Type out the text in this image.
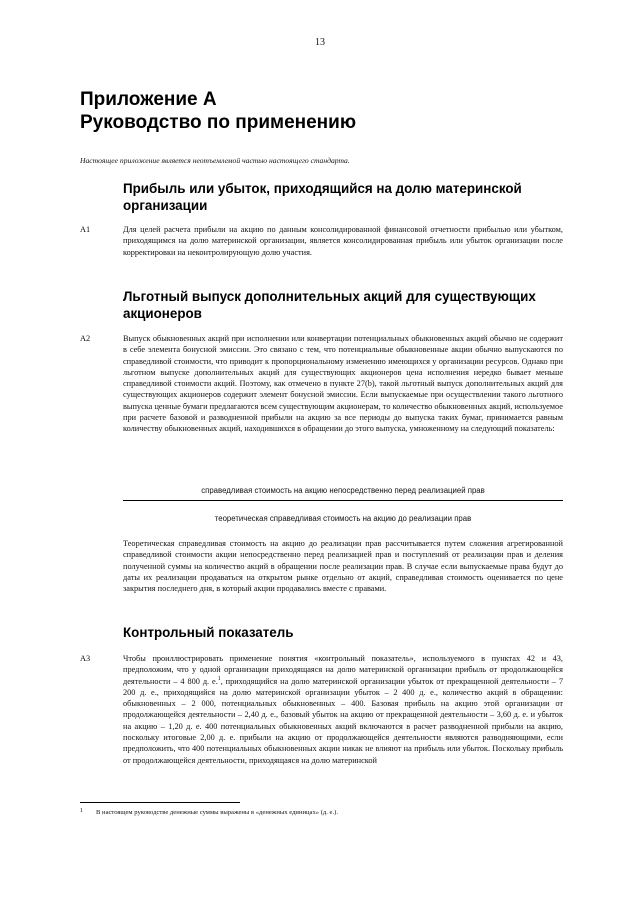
13
Приложение А
Руководство по применению
Настоящее приложение является неотъемлемой частью настоящего стандарта.
Прибыль или убыток, приходящийся на долю материнской организации
A1	Для целей расчета прибыли на акцию по данным консолидированной финансовой отчетности прибылью или убытком, приходящимся на долю материнской организации, является консолидированная прибыль или убыток организации после корректировки на неконтролирующую долю участия.
Льготный выпуск дополнительных акций для существующих акционеров
A2	Выпуск обыкновенных акций при исполнении или конвертации потенциальных обыкновенных акций обычно не содержит в себе элемента бонусной эмиссии. Это связано с тем, что потенциальные обыкновенные акции обычно выпускаются по справедливой стоимости, что приводит к пропорциональному изменению имеющихся у организации ресурсов. Однако при льготном выпуске дополнительных акций для существующих акционеров цена исполнения нередко бывает меньше справедливой стоимости акций. Поэтому, как отмечено в пункте 27(b), такой льготный выпуск дополнительных акций для существующих акционеров содержит элемент бонусной эмиссии. Если выпускаемые при осуществлении такого льготного выпуска ценные бумаги предлагаются всем существующим акционерам, то количество обыкновенных акций, используемое при расчете базовой и разводненной прибыли на акцию за все периоды до выпуска таких бумаг, принимается равным количеству обыкновенных акций, находившихся в обращении до этого выпуска, умноженному на следующий показатель:
справедливая стоимость на акцию непосредственно перед реализацией прав
теоретическая справедливая стоимость на акцию до реализации прав
Теоретическая справедливая стоимость на акцию до реализации прав рассчитывается путем сложения агрегированной справедливой стоимости акции непосредственно перед реализацией прав и поступлений от реализации прав и деления полученной суммы на количество акций в обращении после реализации прав. В случае если выпускаемые права будут до даты их реализации продаваться на открытом рынке отдельно от акций, справедливая стоимость оценивается по цене закрытия последнего дня, в который акции продавались вместе с правами.
Контрольный показатель
A3	Чтобы проиллюстрировать применение понятия «контрольный показатель», используемого в пунктах 42 и 43, предположим, что у одной организации приходящаяся на долю материнской организации прибыль от продолжающейся деятельности – 4 800 д. е.$^1$, приходящийся на долю материнской организации убыток от прекращенной деятельности – 7 200 д. е., приходящийся на долю материнской организации убыток – 2 400 д. е., количество акций в обращении: обыкновенных – 2 000, потенциальных обыкновенных – 400. Базовая прибыль на акцию этой организации от продолжающейся деятельности – 2,40 д. е., базовый убыток на акцию от прекращенной деятельности – 3,60 д. е. и убыток на акцию – 1,20 д. е. 400 потенциальных обыкновенных акций включаются в расчет разводненной прибыли на акцию, поскольку итоговые 2,00 д. е. прибыли на акцию от продолжающейся деятельности являются разводняющими, если предположить, что 400 потенциальных обыкновенных акции никак не влияют на прибыль или убыток. Поскольку прибыль от продолжающейся деятельности, приходящаяся на долю материнской
1 В настоящем руководстве денежные суммы выражены в «денежных единицах» (д. е.).
